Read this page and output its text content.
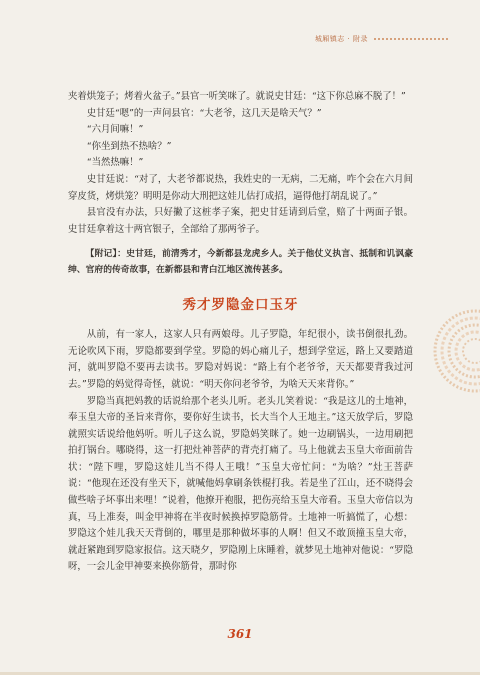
城厢镇志 · 附录

夹着烘笼子；烤着火盆子。”县官一听笑咪了。就说史甘廷：“这下你总麻不脱了！”

史甘廷“嗯”的一声问县官：“大老爷，这几天是啥天气？”

“六月间嘛！”

“你坐到热不热啥？”

“当然热嘛！”

史甘廷说：“对了，大老爷都说热，我姓史的一无病，二无痛，咋个会在六月间穿皮货，烤烘笼？明明是你动大刑把这娃儿估打成招，逼得他打胡乱说了。”

县官没有办法，只好撇了这桩孝子案，把史甘廷请到后堂，赔了十两面子银。史甘廷拿着这十两官银子，全部给了那两爷子。

【附记】：史甘廷，前清秀才，今新都县龙虎乡人。关于他仗义执言、抵制和讥讽豪绅、官府的传奇故事，在新都县和青白江地区流传甚多。

秀才罗隐金口玉牙

从前，有一家人，这家人只有两娘母。儿子罗隐，年纪很小，读书倒很扎劲。无论吹风下雨，罗隐都要到学堂。罗隐的妈心痛儿子，想到学堂远，路上又要踏道河，就叫罗隐不要再去读书。罗隐对妈说：“路上有个老爷爷，天天都要背我过河去。”罗隐的妈觉得奇怪，就说：“明天你问老爷爷，为啥天天来背你。”

罗隐当真把妈教的话说给那个老头儿听。老头儿笑着说：“我是这儿的土地神，奉玉皇大帝的圣旨来背你，要你好生读书，长大当个人王地主。”这天放学后，罗隐就照实话说给他妈听。听儿子这么说，罗隐妈笑眯了。她一边刷锅头，一边用刷把拍打锅台。哪晓得，这一打把灶神菩萨的背壳打痛了。马上他就去玉皇大帝面前告状：“陛下哩，罗隐这娃儿当不得人王哦！”玉皇大帝忙问：“为啥？”灶王菩萨说：“他现在还没有坐天下，就喊他妈拿刷条铁棍打我。若是坐了江山，还不晓得会做些啥子坏事出来哩！”说着，他撩开袍服，把伤亮给玉皇大帝看。玉皇大帝信以为真，马上准奏，叫金甲神将在半夜时候换掉罗隐筋骨。土地神一听搞慌了，心想：罗隐这个娃儿我天天背倒的，哪里是那种做坏事的人啊！但又不敢顶撞玉皇大帝，就赶紧跑到罗隐家报信。这天晓夕，罗隐刚上床睡着，就梦见土地神对他说：“罗隐呀，一会儿金甲神要来换你筋骨，那时你

361
